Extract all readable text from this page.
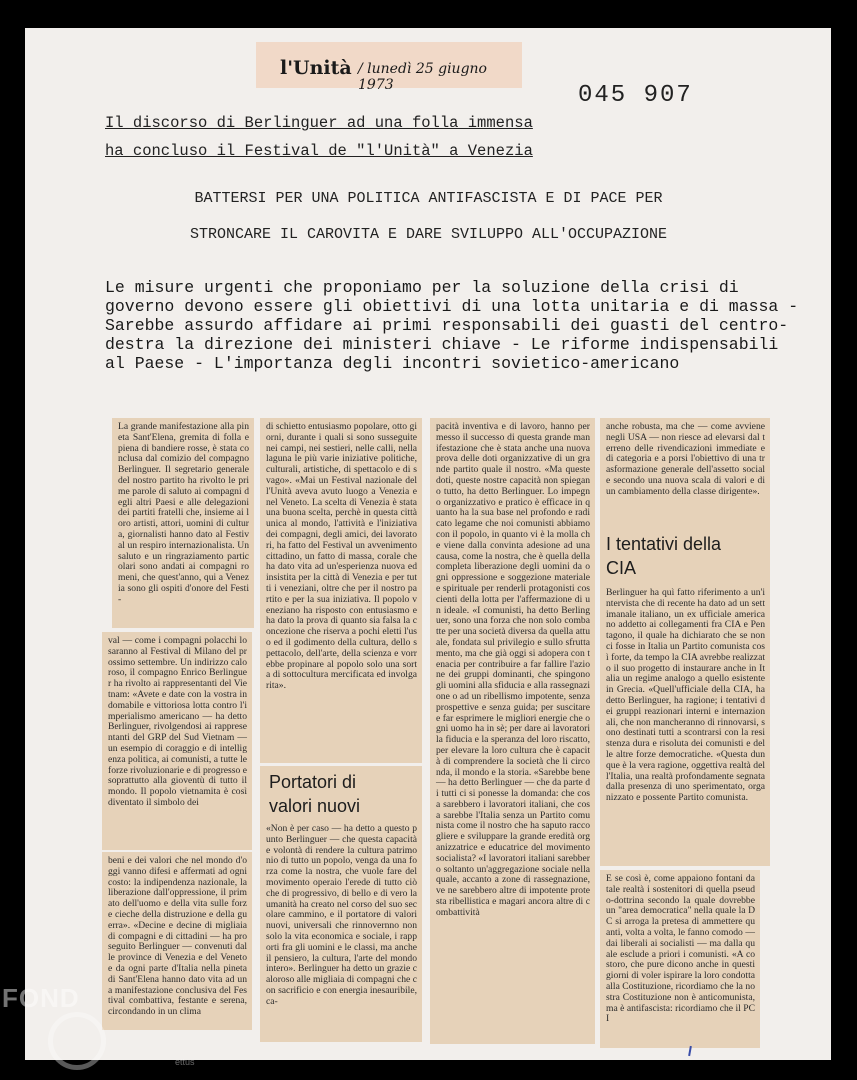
l'Unità / lunedì 25 giugno 1973	045 907
Il discorso di Berlinguer ad una folla immensa
ha concluso il Festival de "l'Unità" a Venezia
BATTERSI PER UNA POLITICA ANTIFASCISTA E DI PACE PER
STRONCARE IL CAROVITA E DARE SVILUPPO ALL'OCCUPAZIONE
Le misure urgenti che proponiamo per la soluzione della crisi di
governo devono essere gli obiettivi di una lotta unitaria e di massa -
Sarebbe assurdo affidare ai primi responsabili dei guasti del centro-
destra la direzione dei ministeri chiave - Le riforme indispensabili
al Paese - L'importanza degli incontri sovietico-americano
La grande manifestazione alla pineta Sant'Elena, gremita di folla e piena di bandiere rosse, è stata conclusa dal comizio del compagno Berlinguer. Il segretario generale del nostro partito ha rivolto le prime parole di saluto ai compagni degli altri Paesi e alle delegazioni dei partiti fratelli che, insieme ai loro artisti, attori, uomini di cultura, giornalisti hanno dato al Festival un respiro internazionalista. Un saluto e un ringraziamento particolari sono andati ai compagni romeni, che quest'anno, qui a Venezia sono gli ospiti d'onore del Festi-
val — come i compagni polacchi lo saranno al Festival di Milano del prossimo settembre. Un indirizzo caloroso, il compagno Enrico Berlinguer ha rivolto ai rappresentanti del Vietnam: «Avete e date con la vostra indomabile e vittoriosa lotta contro l'imperialismo americano — ha detto Berlinguer, rivolgendosi ai rappresentanti del GRP del Sud Vietnam — un esempio di coraggio e di intelligenza politica, ai comunisti, a tutte le forze rivoluzionarie e di progresso e soprattutto alla gioventù di tutto il mondo. Il popolo vietnamita è così diventato il simbolo dei
beni e dei valori che nel mondo d'oggi vanno difesi e affermati ad ogni costo: la indipendenza nazionale, la liberazione dall'oppressione, il primato dell'uomo e della vita sulle forze cieche della distruzione e della guerra». «Decine e decine di migliaia di compagni e di cittadini — ha proseguito Berlinguer — convenuti dalle province di Venezia e del Veneto e da ogni parte d'Italia nella pineta di Sant'Elena hanno dato vita ad una manifestazione conclusiva del Festival combattiva, festante e serena, circondando in un clima
di schietto entusiasmo popolare, otto giorni, durante i quali si sono susseguite nei campi, nei sestieri, nelle calli, nella laguna le più varie iniziative politiche, culturali, artistiche, di spettacolo e di svago». «Mai un Festival nazionale dell'Unità aveva avuto luogo a Venezia e nel Veneto. La scelta di Venezia è stata una buona scelta, perchè in questa città unica al mondo, l'attività e l'iniziativa dei compagni, degli amici, dei lavoratori, ha fatto del Festival un avvenimento cittadino, un fatto di massa, corale che ha dato vita ad un'esperienza nuova ed insistita per la città di Venezia e per tutti i veneziani, oltre che per il nostro partito e per la sua iniziativa. Il popolo veneziano ha risposto con entusiasmo e ha dato la prova di quanto sia falsa la concezione che riserva a pochi eletti l'uso ed il godimento della cultura, dello spettacolo, dell'arte, della scienza e vorrebbe propinare al popolo solo una sorta di sottocultura mercificata ed involgarita».
Portatori di valori nuovi
«Non è per caso — ha detto a questo punto Berlinguer — che questa capacità e volontà di rendere la cultura patrimonio di tutto un popolo, venga da una forza come la nostra, che vuole fare del movimento operaio l'erede di tutto ciò che di progressivo, di bello e di vero la umanità ha creato nel corso del suo secolare cammino, e il portatore di valori nuovi, universali che rinnovernno non solo la vita economica e sociale, i rapporti fra gli uomini e le classi, ma anche il pensiero, la cultura, l'arte del mondo intero». Berlinguer ha detto un grazie caloroso alle migliaia di compagni che con sacrificio e con energia inesauribile, ca-
pacità inventiva e di lavoro, hanno permesso il successo di questa grande manifestazione che è stata anche una nuova prova delle doti organizzative di un grande partito quale il nostro. «Ma queste doti, queste nostre capacità non spiegano tutto, ha detto Berlinguer. Lo impegno organizzativo e pratico è efficace in quanto ha la sua base nel profondo e radicato legame che noi comunisti abbiamo con il popolo, in quanto vi è la molla che viene dalla convinta adesione ad una causa, come la nostra, che è quella della completa liberazione degli uomini da ogni oppressione e soggezione materiale e spirituale per renderli protagonisti coscienti della lotta per l'affermazione di un ideale. «I comunisti, ha detto Berlinguer, sono una forza che non solo combatte per una società diversa da quella attuale, fondata sul privilegio e sullo sfruttamento, ma che già oggi si adopera con tenacia per contribuire a far fallire l'azione dei gruppi dominanti, che spingono gli uomini alla sfiducia e alla rassegnazione o ad un ribellismo impotente, senza prospettive e senza guida; per suscitare e far esprimere le migliori energie che ogni uomo ha in sè; per dare ai lavoratori la fiducia e la speranza del loro riscatto, per elevare la loro cultura che è capacità di comprendere la società che li circonda, il mondo e la storia. «Sarebbe bene — ha detto Berlinguer — che da parte di tutti ci si ponesse la domanda: che cosa sarebbero i lavoratori italiani, che cosa sarebbe l'Italia senza un Partito comunista come il nostro che ha saputo raccogliere e sviluppare la grande eredità organizzatrice e educatrice del movimento socialista? «I lavoratori italiani sarebbero soltanto un'aggregazione sociale nella quale, accanto a zone di rassegnazione, ve ne sarebbero altre di impotente protesta ribellistica e magari ancora altre di combattività
anche robusta, ma che — come avviene negli USA — non riesce ad elevarsi dal terreno delle rivendicazioni immediate e di categoria e a porsi l'obiettivo di una trasformazione generale dell'assetto sociale secondo una nuova scala di valori e di un cambiamento della classe dirigente».
I tentativi della CIA
Berlinguer ha quì fatto riferimento a un'intervista che di recente ha dato ad un settimanale italiano, un ex ufficiale americano addetto ai collegamenti fra CIA e Pentagono, il quale ha dichiarato che se non ci fosse in Italia un Partito comunista così forte, da tempo la CIA avrebbe realizzato il suo progetto di instaurare anche in Italia un regime analogo a quello esistente in Grecia. «Quell'ufficiale della CIA, ha detto Berlinguer, ha ragione; i tentativi dei gruppi reazionari interni e internazionali, che non mancheranno di rinnovarsi, sono destinati tutti a scontrarsi con la resistenza dura e risoluta dei comunisti e delle altre forze democratiche. «Questa dunque è la vera ragione, oggettiva realtà dell'Italia, una realtà profondamente segnata dalla presenza di uno sperimentato, organizzato e possente Partito comunista.
E se così è, come appaiono fontani da tale realtà i sostenitori di quella pseudo-dottrina secondo la quale dovrebbe un "area democratica" nella quale la DC si arroga la pretesa di ammettere quanti, volta a volta, le fanno comodo — dai liberali ai socialisti — ma dalla quale esclude a priori i comunisti. «A costoro, che pure dicono anche in questi giorni di voler ispirare la loro condotta alla Costituzione, ricordiamo che la nostra Costituzione non è anticomunista, ma è antifascista: ricordiamo che il PCI
FOND
ettus
